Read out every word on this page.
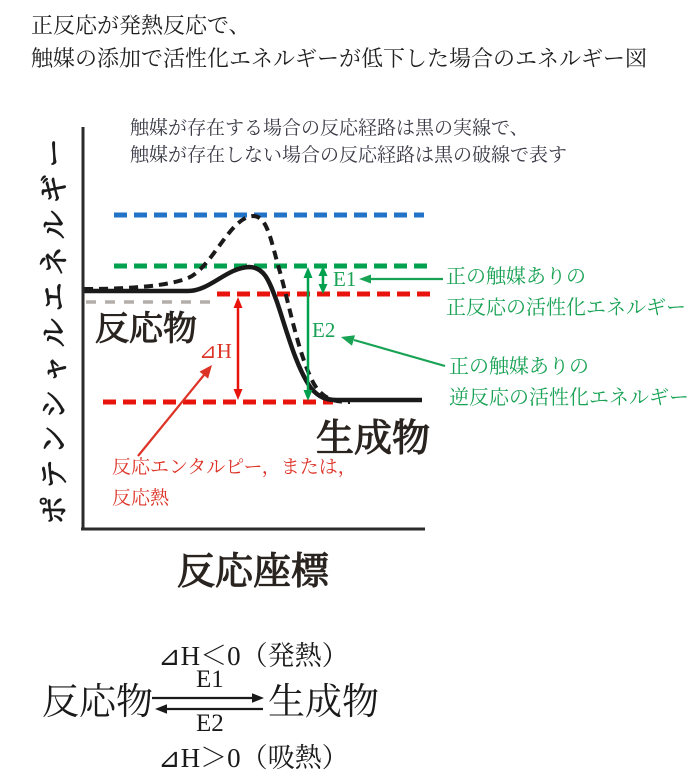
正反応が発熱反応で、
触媒の添加で活性化エネルギーが低下した場合のエネルギー図
触媒が存在する場合の反応経路は黒の実線で、
触媒が存在しない場合の反応経路は黒の破線で表す
ポテンシャルエネルギー
反応座標
反応物
生成物
E1
E2
⊿H
正の触媒ありの
正反応の活性化エネルギー
正の触媒ありの
逆反応の活性化エネルギー
反応エンタルピー，または，
反応熱
⊿H＜0（発熱）
反応物
E1
E2
生成物
⊿H＞0（吸熱）
